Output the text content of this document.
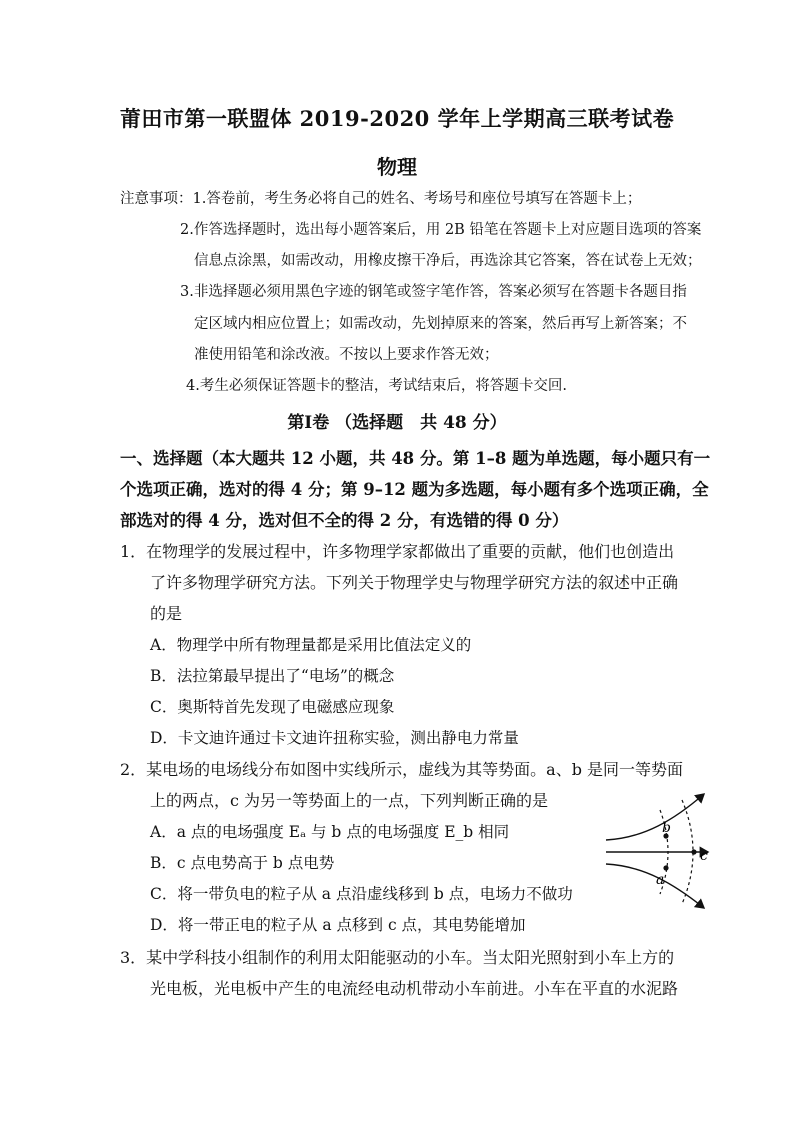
莆田市第一联盟体 2019-2020 学年上学期高三联考试卷
物理
注意事项：1.答卷前，考生务必将自己的姓名、考场号和座位号填写在答题卡上；
2.作答选择题时，选出每小题答案后，用 2B 铅笔在答题卡上对应题目选项的答案
信息点涂黑，如需改动，用橡皮擦干净后，再选涂其它答案，答在试卷上无效；
3.非选择题必须用黑色字迹的钢笔或签字笔作答，答案必须写在答题卡各题目指
定区域内相应位置上；如需改动，先划掉原来的答案，然后再写上新答案；不
准使用铅笔和涂改液。不按以上要求作答无效；
4.考生必须保证答题卡的整洁，考试结束后，将答题卡交回.
第Ⅰ卷 （选择题　共 48 分）
一、选择题（本大题共 12 小题，共 48 分。第 1–8 题为单选题，每小题只有一
个选项正确，选对的得 4 分；第 9–12 题为多选题，每小题有多个选项正确，全
部选对的得 4 分，选对但不全的得 2 分，有选错的得 0 分）
1．在物理学的发展过程中，许多物理学家都做出了重要的贡献，他们也创造出
了许多物理学研究方法。下列关于物理学史与物理学研究方法的叙述中正确
的是
A．物理学中所有物理量都是采用比值法定义的
B．法拉第最早提出了“电场”的概念
C．奥斯特首先发现了电磁感应现象
D．卡文迪许通过卡文迪许扭称实验，测出静电力常量
2．某电场的电场线分布如图中实线所示，虚线为其等势面。a、b 是同一等势面
上的两点，c 为另一等势面上的一点，下列判断正确的是
A．a 点的电场强度 Eₐ 与 b 点的电场强度 E_b 相同
B．c 点电势高于 b 点电势
C．将一带负电的粒子从 a 点沿虚线移到 b 点，电场力不做功
D．将一带正电的粒子从 a 点移到 c 点，其电势能增加
b
a
c
3．某中学科技小组制作的利用太阳能驱动的小车。当太阳光照射到小车上方的
光电板，光电板中产生的电流经电动机带动小车前进。小车在平直的水泥路
